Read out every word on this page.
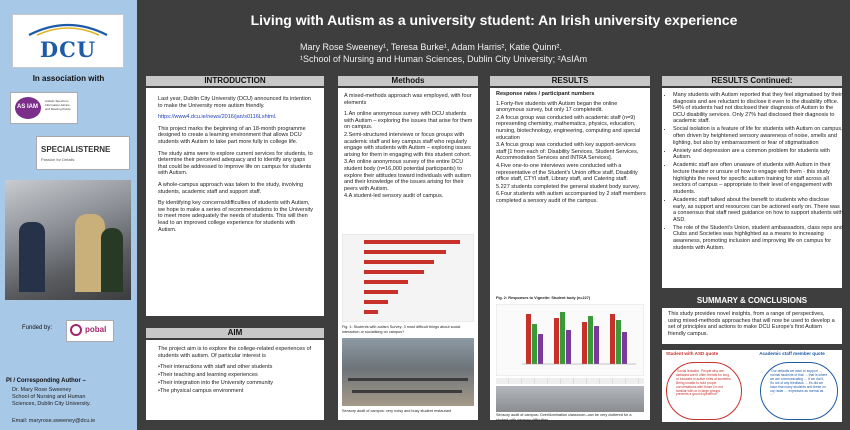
DCU
In association with
AS IAM
Autistic Spectrum Information Advice and Meeting Points
SPECIALISTERNE
Passion for Details
Funded by:	pobal
PI / Corresponding Author –
Dr. Mary Rose Sweeney
School of Nursing and Human
Sciences, Dublin City University.
Email: maryrose.sweeney@dcu.ie
Living with Autism as a university student: An Irish university experience
Mary Rose Sweeney¹, Teresa Burke¹, Adam Harris², Katie Quinn².
¹School of Nursing and Human Sciences, Dublin City University; ²AsIAm
INTRODUCTION

Last year, Dublin City University (DCU) announced its intention to make the University more autism friendly.

https://www4.dcu.ie/news/2016/jan/s0116Lshtml.

This project marks the beginning of an 18-month programme designed to create a learning environment that allows DCU students with Autism to take part more fully in college life.

The study aims were to explore current services for students, to determine their perceived adequacy and to identify any gaps that could be addressed to improve life on campus for students with Autism.

A whole-campus approach was taken to the study, involving students, academic staff and support staff.

By identifying key concerns/difficulties of students with Autism, we hope to make a series of recommendations to the University to meet more adequately the needs of students. This will then lead to an improved college experience for students with Autism.

AIM

The project aim is to explore the college-related experiences of students with autism. Of particular interest is

•Their interactions with staff and other students
•Their teaching and learning experiences
•Their integration into the University community
•The physical campus environment
Methods

A mixed-methods approach was employed, with four elements

1.An online anonymous survey with DCU students with Autism – exploring the issues that arise for them on campus.

2.Semi-structured interviews or focus groups with academic staff and key campus staff who regularly engage with students with Autism – exploring issues arising for them in engaging with this student cohort.

3.An online anonymous survey of the entire DCU student body (n=16,000 potential participants) to explore their attitudes toward individuals with autism and their knowledge of the issues arising for their peers with Autism.

4.A student-led sensory audit of campus.

Fig. 1: Students with autism Survey: 3 most difficult things about social interaction or socialising on campus?
Sensory audit of campus: very noisy and busy student restaurant
RESULTS

Response rates / participant numbers

1.Forty-five students with Autism began the online anonymous survey, but only 17 completedit.

2.A focus group was conducted with academic staff (n=9) representing chemistry, mathematics, physics, education, nursing, biotechnology, engineering, computing and special education

3.A focus group was conducted with key support-services staff [1 from each of: Disability Services, Student Services, Accommodation Services and INTRA Services].

4.Five one-to-one interviews were conducted with a representative of the Student's Union office staff, Disability office staff, CTYI staff, Library staff, and Catering staff.

5.227 students completed the general student body survey.

6.Four students with autism accompanied by 2 staff members completed a sensory audit of the campus.

Fig. 2: Responses to Vignette: Student body (n=227)
Sensory audit of campus: Overillumination classroom–can be very cluttered for a student with sensory difficulties
RESULTS Continued:
• Many students with Autism reported that they feel stigmatised by their diagnosis and are reluctant to disclose it even to the disability office. 54% of students had not disclosed their diagnosis of Autism to the DCU disability services. Only 27% had disclosed their diagnosis to academic staff.
• Social isolation is a feature of life for students with Autism on campus, often driven by heightened sensory awareness of noise, smells and lighting, but also by embarrassment or fear of stigmatisation
• Anxiety and depression are a common problem for students with Autism.
• Academic staff are often unaware of students with Autism in their lecture theatre or unsure of how to engage with them - this study highlights the need for specific autism training for staff across all sectors of campus – appropriate to their level of engagement with students.
• Academic staff talked about the benefit to students who disclose early, as support and resources can be actioned early on. There was a consensus that staff need guidance on how to support students with ASD.
• The role of the Student's Union, student ambassadors, class reps and Clubs and Societies was highlighted as a means to increasing awareness, promoting inclusion and improving life on campus for students with Autism.
SUMMARY & CONCLUSIONS
This study provides novel insights, from a range of perspectives, using mixed-methods approaches that will now be used to develop a set of principles and actions to make DCU Europe's first Autism friendly campus.
Student with ASD quote	Academic staff member quote
"Social isolation. People who are awkward aren't often friends for long or included in active roles of societies. Being unable to hold proper conversations with those I'm not familiar with or in large groups prevents a good experience"
"Our defaults we want to support … normal students of that … that is where we are communicating … If we don't, it's not of any feedback … it's did we have that many students and these on our radar … expresses as normal as …"
